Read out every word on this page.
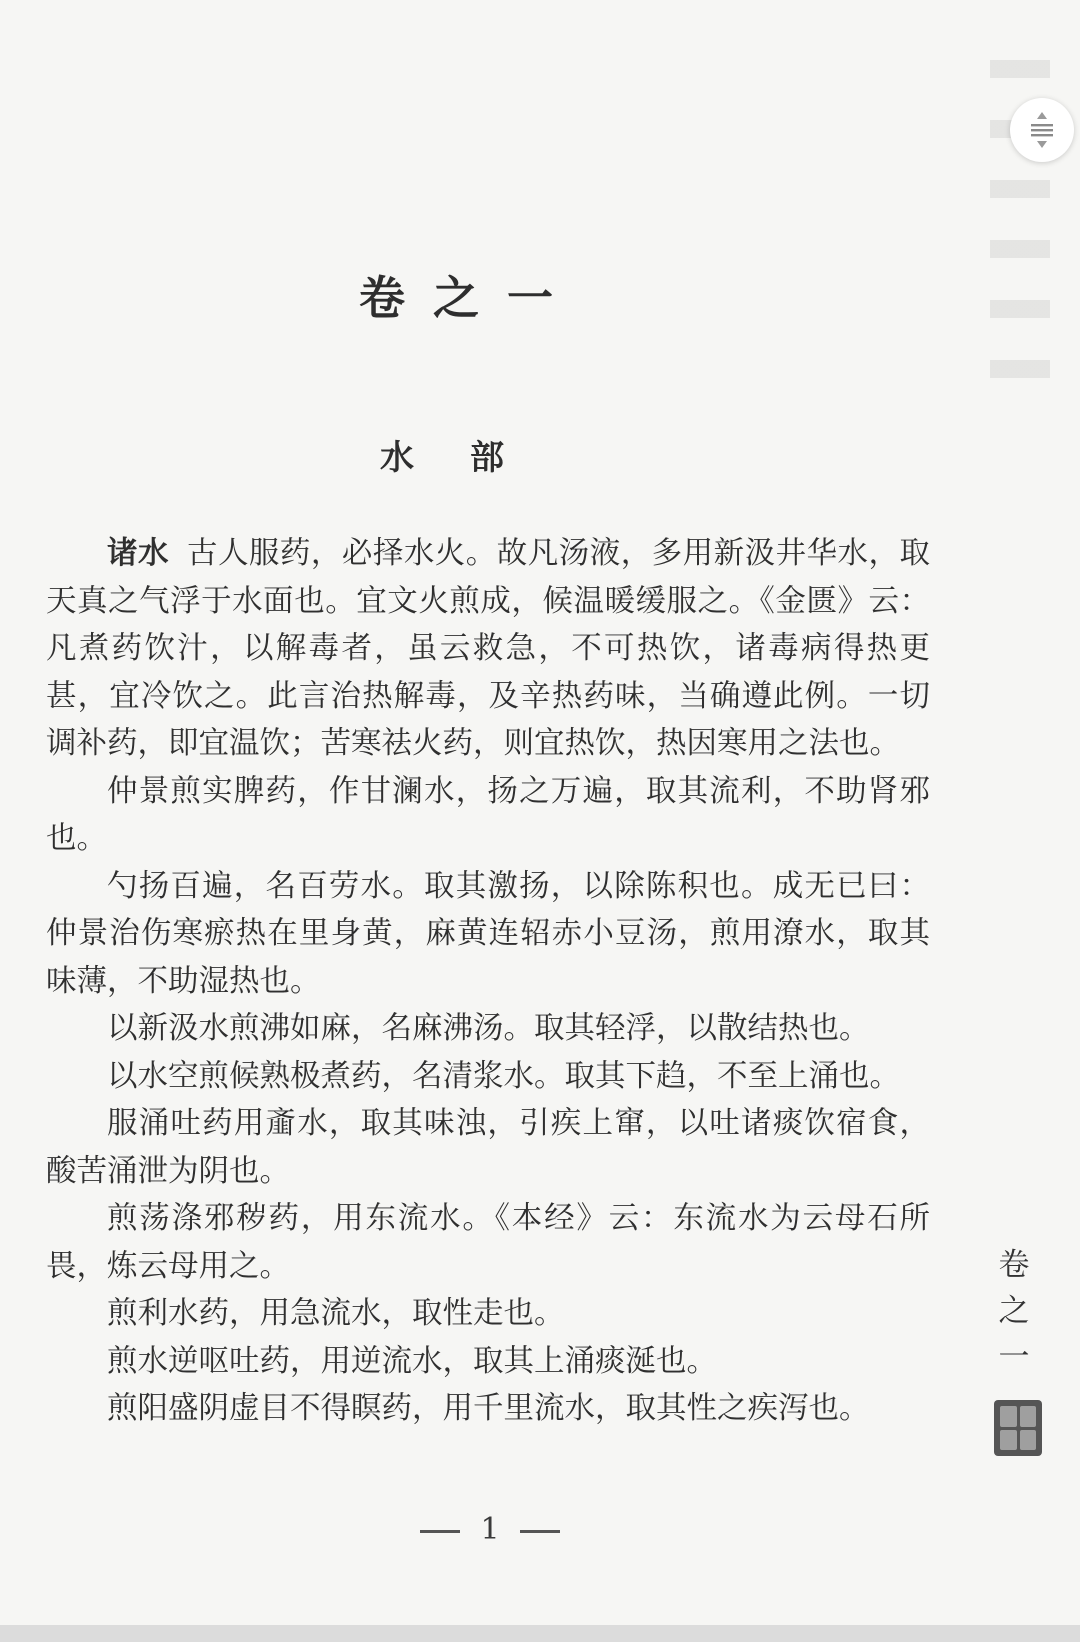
卷之一
水部

诸水 古人服药，必择水火。故凡汤液，多用新汲井华水，取天真之气浮于水面也。宜文火煎成，候温暖缓服之。《金匮》云：凡煮药饮汁，以解毒者，虽云救急，不可热饮，诸毒病得热更甚，宜冷饮之。此言治热解毒，及辛热药味，当确遵此例。一切调补药，即宜温饮；苦寒祛火药，则宜热饮，热因寒用之法也。

仲景煎实脾药，作甘澜水，扬之万遍，取其流利，不助肾邪也。

勺扬百遍，名百劳水。取其激扬，以除陈积也。成无已曰：仲景治伤寒瘀热在里身黄，麻黄连轺赤小豆汤，煎用潦水，取其味薄，不助湿热也。

以新汲水煎沸如麻，名麻沸汤。取其轻浮，以散结热也。

以水空煎候熟极煮药，名清浆水。取其下趋，不至上涌也。

服涌吐药用齑水，取其味浊，引疾上窜，以吐诸痰饮宿食，酸苦涌泄为阴也。

煎荡涤邪秽药，用东流水。《本经》云：东流水为云母石所畏，炼云母用之。

煎利水药，用急流水，取性走也。

煎水逆呕吐药，用逆流水，取其上涌痰涎也。

煎阳盛阴虚目不得瞑药，用千里流水，取其性之疾泻也。

1
卷
之
一
